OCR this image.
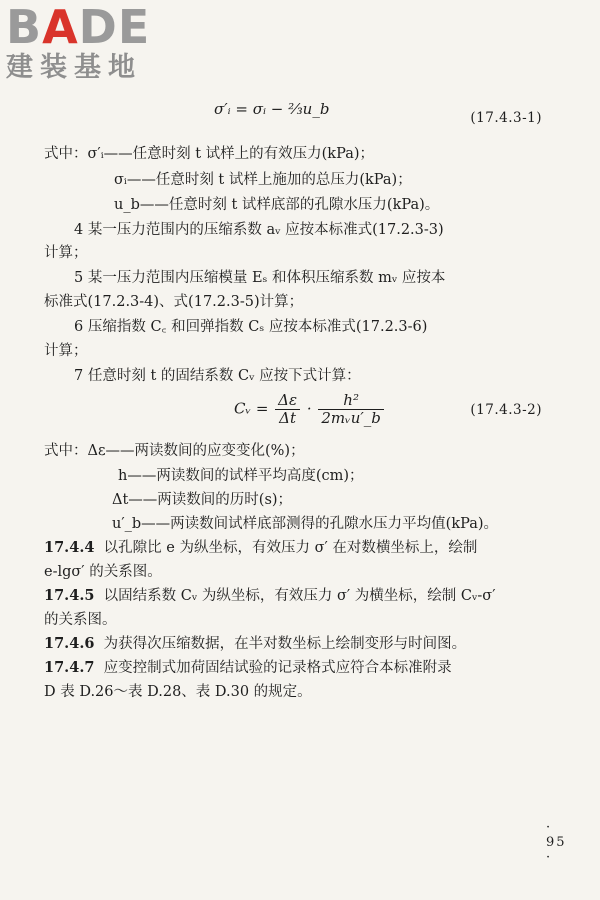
BADE
建装基地
σ′ᵢ = σᵢ − ⅔u_b	(17.4.3-1)
式中：σ′ᵢ——任意时刻 t 试样上的有效压力(kPa)；
σᵢ——任意时刻 t 试样上施加的总压力(kPa)；
u_b——任意时刻 t 试样底部的孔隙水压力(kPa)。
4 某一压力范围内的压缩系数 aᵥ 应按本标准式(17.2.3-3)
计算；
5 某一压力范围内压缩模量 Eₛ 和体积压缩系数 mᵥ 应按本
标准式(17.2.3-4)、式(17.2.3-5)计算；
6 压缩指数 C꜀ 和回弹指数 Cₛ 应按本标准式(17.2.3-6)
计算；
7 任意时刻 t 的固结系数 Cᵥ 应按下式计算：
Cᵥ = $\frac{\Delta\varepsilon}{\Delta t} \cdot \frac{\text{h²}}{\text{2mᵥu′\_b}}$	(17.4.3-2)
式中：Δε——两读数间的应变变化(%)；
h——两读数间的试样平均高度(cm)；
Δt——两读数间的历时(s)；
u′_b——两读数间试样底部测得的孔隙水压力平均值(kPa)。
17.4.4 以孔隙比 e 为纵坐标，有效压力 σ′ 在对数横坐标上，绘制
e-lgσ′ 的关系图。
17.4.5 以固结系数 Cᵥ 为纵坐标，有效压力 σ′ 为横坐标，绘制 Cᵥ-σ′
的关系图。
17.4.6 为获得次压缩数据，在半对数坐标上绘制变形与时间图。
17.4.7 应变控制式加荷固结试验的记录格式应符合本标准附录
D 表 D.26～表 D.28、表 D.30 的规定。
· 95 ·
